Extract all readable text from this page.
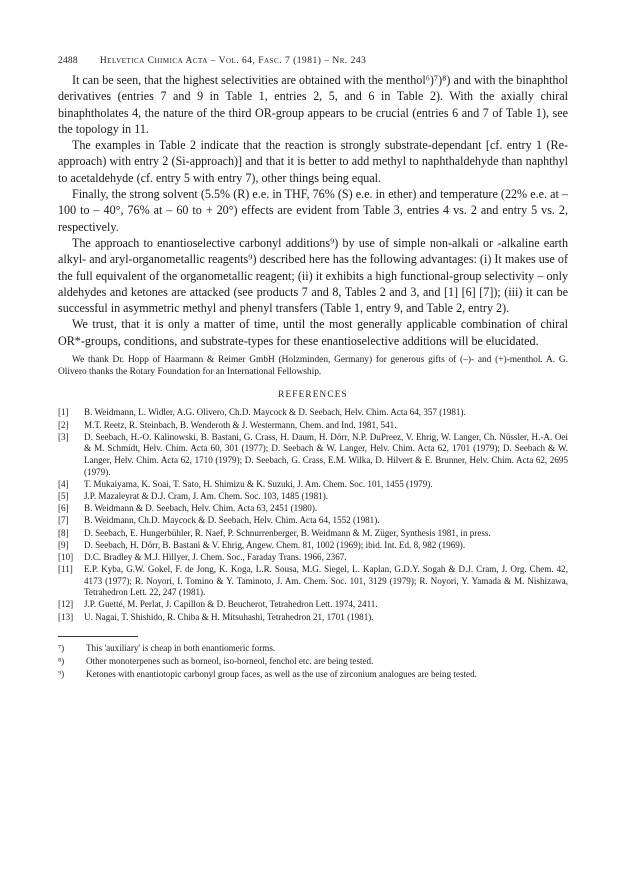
2488 Helvetica Chimica Acta – Vol. 64, Fasc. 7 (1981) – Nr. 243

It can be seen, that the highest selectivities are obtained with the menthol⁶)⁷)⁸) and with the binaphthol derivatives (entries 7 and 9 in Table 1, entries 2, 5, and 6 in Table 2). With the axially chiral binaphtholates 4, the nature of the third OR-group appears to be crucial (entries 6 and 7 of Table 1), see the topology in 11.

The examples in Table 2 indicate that the reaction is strongly substrate-dependant [cf. entry 1 (Re-approach) with entry 2 (Si-approach)] and that it is better to add methyl to naphthaldehyde than naphthyl to acetaldehyde (cf. entry 5 with entry 7), other things being equal.

Finally, the strong solvent (5.5% (R) e.e. in THF, 76% (S) e.e. in ether) and temperature (22% e.e. at – 100 to – 40°, 76% at – 60 to + 20°) effects are evident from Table 3, entries 4 vs. 2 and entry 5 vs. 2, respectively.

The approach to enantioselective carbonyl additions⁹) by use of simple non-alkali or -alkaline earth alkyl- and aryl-organometallic reagents⁹) described here has the following advantages: (i) It makes use of the full equivalent of the organometallic reagent; (ii) it exhibits a high functional-group selectivity – only aldehydes and ketones are attacked (see products 7 and 8, Tables 2 and 3, and [1] [6] [7]); (iii) it can be successful in asymmetric methyl and phenyl transfers (Table 1, entry 9, and Table 2, entry 2).

We trust, that it is only a matter of time, until the most generally applicable combination of chiral OR*-groups, conditions, and substrate-types for these enantioselective additions will be elucidated.

We thank Dr. Hopp of Haarmann & Reimer GmbH (Holzminden, Germany) for generous gifts of (–)- and (+)-menthol. A. G. Olivero thanks the Rotary Foundation for an International Fellowship.

REFERENCES
[1]	B. Weidmann, L. Widler, A.G. Olivero, Ch.D. Maycock & D. Seebach, Helv. Chim. Acta 64, 357 (1981).
[2]	M.T. Reetz, R. Steinbach, B. Wenderoth & J. Westermann, Chem. and Ind. 1981, 541.
[3]	D. Seebach, H.-O. Kalinowski, B. Bastani, G. Crass, H. Daum, H. Dörr, N.P. DuPreez, V. Ehrig, W. Langer, Ch. Nüssler, H.-A. Oei & M. Schmidt, Helv. Chim. Acta 60, 301 (1977); D. Seebach & W. Langer, Helv. Chim. Acta 62, 1701 (1979); D. Seebach & W. Langer, Helv. Chim. Acta 62, 1710 (1979); D. Seebach, G. Crass, E.M. Wilka, D. Hilvert & E. Brunner, Helv. Chim. Acta 62, 2695 (1979).
[4]	T. Mukaiyama, K. Soai, T. Sato, H. Shimizu & K. Suzuki, J. Am. Chem. Soc. 101, 1455 (1979).
[5]	J.P. Mazaleyrat & D.J. Cram, J. Am. Chem. Soc. 103, 1485 (1981).
[6]	B. Weidmann & D. Seebach, Helv. Chim. Acta 63, 2451 (1980).
[7]	B. Weidmann, Ch.D. Maycock & D. Seebach, Helv. Chim. Acta 64, 1552 (1981).
[8]	D. Seebach, E. Hungerbühler, R. Naef, P. Schnurrenberger, B. Weidmann & M. Züger, Synthesis 1981, in press.
[9]	D. Seebach, H. Dörr, B. Bastani & V. Ehrig, Angew. Chem. 81, 1002 (1969); ibid. Int. Ed. 8, 982 (1969).
[10]	D.C. Bradley & M.J. Hillyer, J. Chem. Soc., Faraday Trans. 1966, 2367.
[11]	E.P. Kyba, G.W. Gokel, F. de Jong, K. Koga, L.R. Sousa, M.G. Siegel, L. Kaplan, G.D.Y. Sogah & D.J. Cram, J. Org. Chem. 42, 4173 (1977); R. Noyori, I. Tomino & Y. Taminoto, J. Am. Chem. Soc. 101, 3129 (1979); R. Noyori, Y. Yamada & M. Nishizawa, Tetrahedron Lett. 22, 247 (1981).
[12]	J.P. Guetté, M. Perlat, J. Capillon & D. Beucherot, Tetrahedron Lett. 1974, 2411.
[13]	U. Nagai, T. Shishido, R. Chiba & H. Mitsuhashi, Tetrahedron 21, 1701 (1981).
⁷)	This 'auxiliary' is cheap in both enantiomeric forms.
⁸)	Other monoterpenes such as borneol, iso-borneol, fenchol etc. are being tested.
⁹)	Ketones with enantiotopic carbonyl group faces, as well as the use of zirconium analogues are being tested.
